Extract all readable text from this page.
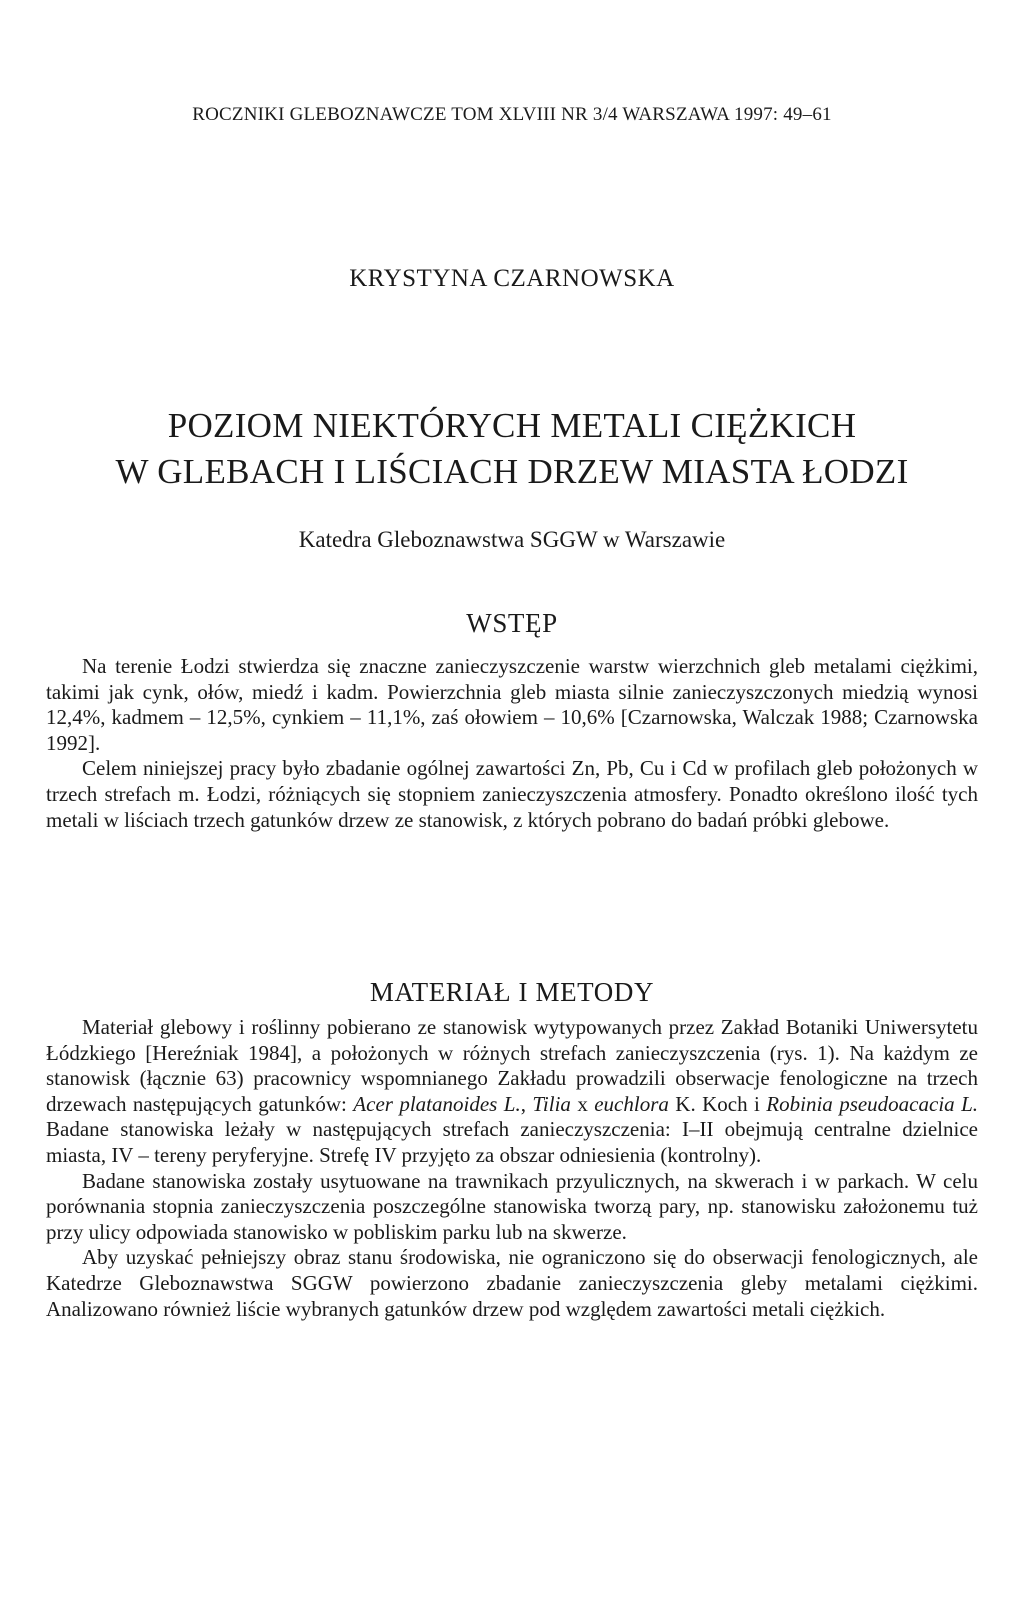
ROCZNIKI GLEBOZNAWCZE TOM XLVIII NR 3/4 WARSZAWA 1997: 49–61
KRYSTYNA CZARNOWSKA
POZIOM NIEKTÓRYCH METALI CIĘŻKICH
W GLEBACH I LIŚCIACH DRZEW MIASTA ŁODZI
Katedra Gleboznawstwa SGGW w Warszawie
WSTĘP

Na terenie Łodzi stwierdza się znaczne zanieczyszczenie warstw wierzchnich gleb metalami ciężkimi, takimi jak cynk, ołów, miedź i kadm. Powierzchnia gleb miasta silnie zanieczyszczonych miedzią wynosi 12,4%, kadmem – 12,5%, cynkiem – 11,1%, zaś ołowiem – 10,6% [Czarnowska, Walczak 1988; Czarnowska 1992].

Celem niniejszej pracy było zbadanie ogólnej zawartości Zn, Pb, Cu i Cd w profilach gleb położonych w trzech strefach m. Łodzi, różniących się stopniem zanieczyszczenia atmosfery. Ponadto określono ilość tych metali w liściach trzech gatunków drzew ze stanowisk, z których pobrano do badań próbki glebowe.

MATERIAŁ I METODY

Materiał glebowy i roślinny pobierano ze stanowisk wytypowanych przez Zakład Botaniki Uniwersytetu Łódzkiego [Hereźniak 1984], a położonych w różnych strefach zanieczyszczenia (rys. 1). Na każdym ze stanowisk (łącznie 63) pracownicy wspomnianego Zakładu prowadzili obserwacje fenologiczne na trzech drzewach następujących gatunków: Acer platanoides L., Tilia x euchlora K. Koch i Robinia pseudoacacia L. Badane stanowiska leżały w następujących strefach zanieczyszczenia: I–II obejmują centralne dzielnice miasta, IV – tereny peryferyjne. Strefę IV przyjęto za obszar odniesienia (kontrolny).

Badane stanowiska zostały usytuowane na trawnikach przyulicznych, na skwerach i w parkach. W celu porównania stopnia zanieczyszczenia poszczególne stanowiska tworzą pary, np. stanowisku założonemu tuż przy ulicy odpowiada stanowisko w pobliskim parku lub na skwerze.

Aby uzyskać pełniejszy obraz stanu środowiska, nie ograniczono się do obserwacji fenologicznych, ale Katedrze Gleboznawstwa SGGW powierzono zbadanie zanieczyszczenia gleby metalami ciężkimi. Analizowano również liście wybranych gatunków drzew pod względem zawartości metali ciężkich.
